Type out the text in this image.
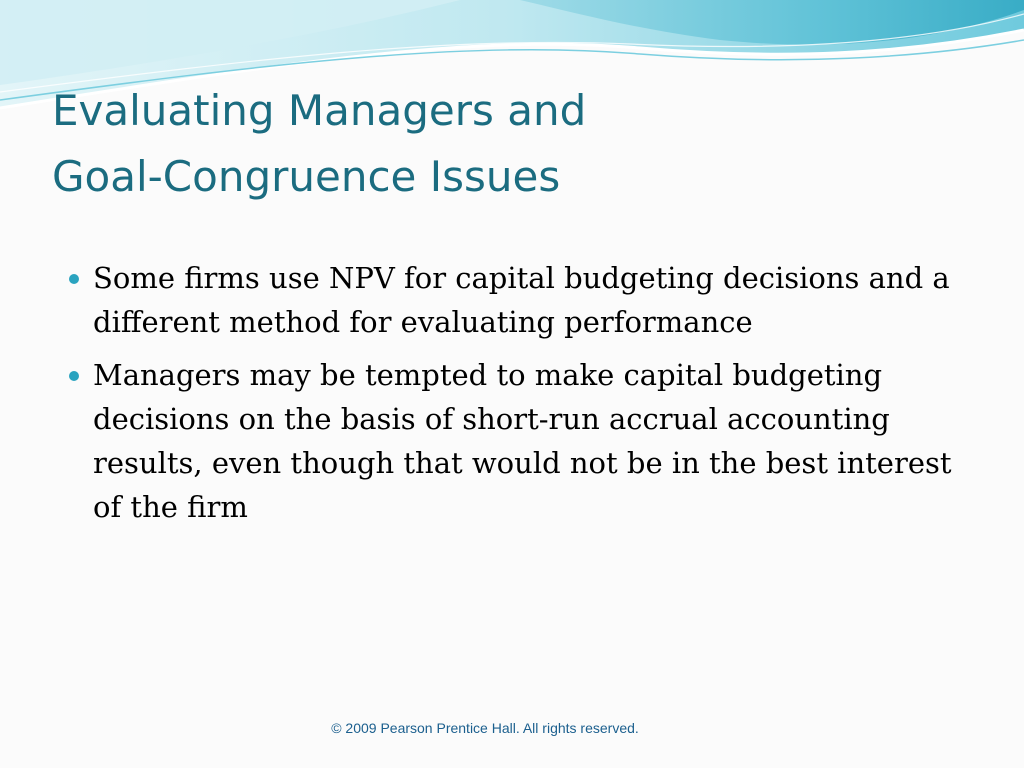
Evaluating Managers and
Goal-Congruence Issues
Some firms use NPV for capital budgeting decisions and a different method for evaluating performance
Managers may be tempted to make capital budgeting decisions on the basis of short-run accrual accounting results, even though that would not be in the best interest of the firm
© 2009 Pearson Prentice Hall. All rights reserved.
